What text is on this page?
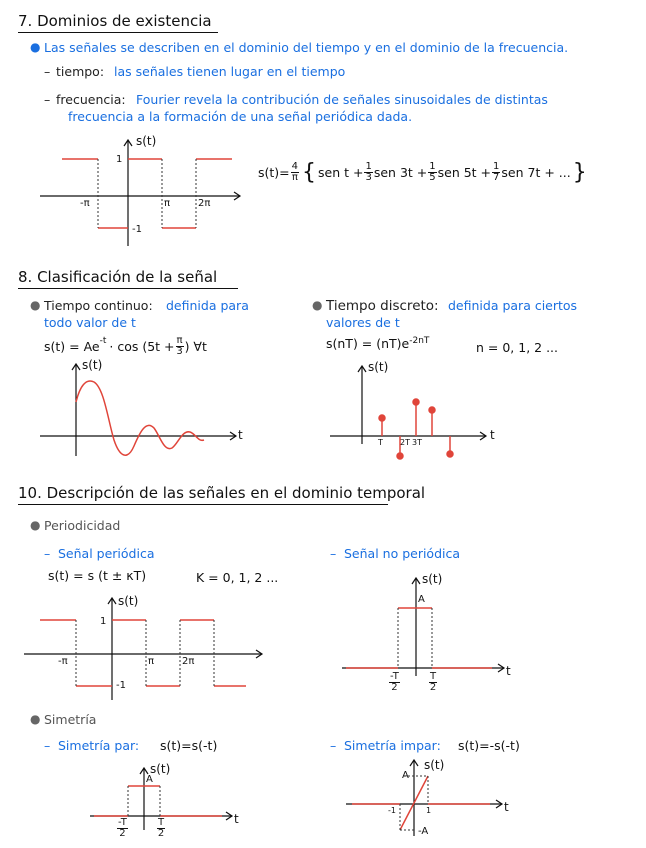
7. Dominios de existencia
● Las señales se describen en el dominio del tiempo y en el dominio de la frecuencia.
– tiempo: las señales tienen lugar en el tiempo
– frecuencia: Fourier revela la contribución de señales sinusoidales de distintas
frecuencia a la formación de una señal periódica dada.
s(t)
1
-1
-π	π	2π
$s(t)= \frac{4}{\pi}$ { sen $t + \frac{1}{3}$ sen $3t + \frac{1}{5}$ sen $5t + \frac{1}{7}$ sen 7t + ... }
8. Clasificación de la señal
● Tiempo continuo: definida para
todo valor de t
$s(t) = Ae^{-t} \cdot \cos (5t + \frac{\pi}{3}$ ) ∀t
s(t)
t
● Tiempo discreto: definida para ciertos
valores de t
$s(nT) = (nT)e^{-2nT}$	n = 0, 1, 2 ...
s(t)
t
T 2T 3T
10. Descripción de las señales en el dominio temporal
● Periodicidad
– Señal periódica
s(t) = s (t ± κT)	K = 0, 1, 2 ...
s(t)
1
-1
-π	π	2π
– Señal no periódica
s(t)
A
t
$\frac{-T}{2}$	$\frac{T}{2}$
● Simetría
– Simetría par: s(t)=s(-t)
s(t)
A
t
$\frac{-T}{2}$	$\frac{T}{2}$
– Simetría impar: s(t)=-s(-t)
s(t)
A
-A
-1	1	t
